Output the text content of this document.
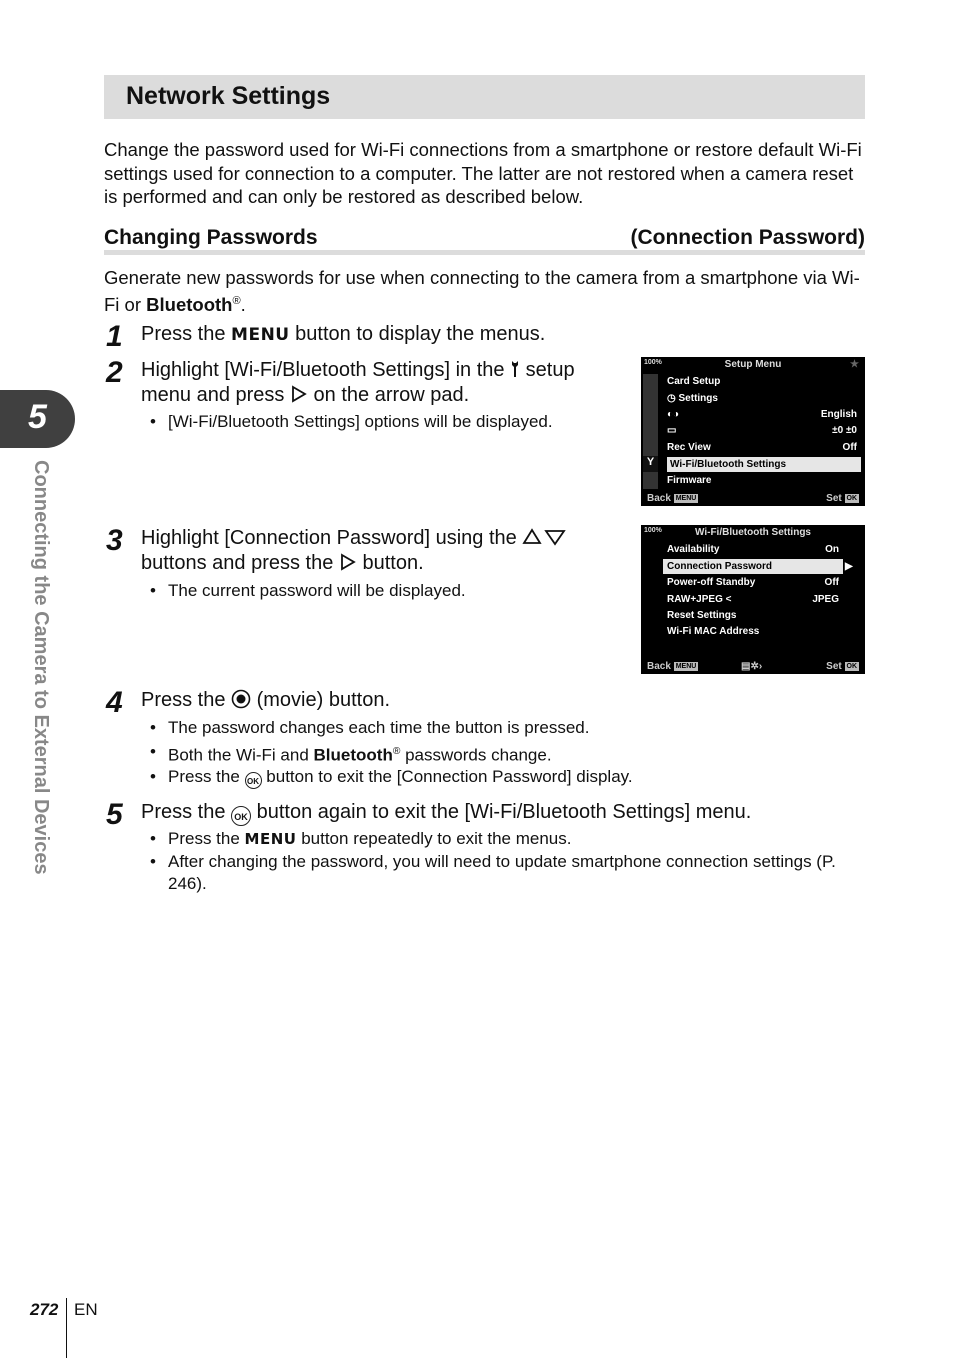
Network Settings
Change the password used for Wi-Fi connections from a smartphone or restore default Wi-Fi settings used for connection to a computer. The latter are not restored when a camera reset is performed and can only be restored as described below.
Changing Passwords	(Connection Password)
Generate new passwords for use when connecting to the camera from a smartphone via Wi-Fi or Bluetooth®.
1 Press the MENU button to display the menus.
2 Highlight [Wi-Fi/Bluetooth Settings] in the setup
menu and press on the arrow pad.
• [Wi-Fi/Bluetooth Settings] options will be displayed.
100%	Setup Menu	★
Y
Card Setup
◷ Settings
◐◑	English
▭	±0 ±0
Rec View	Off
Wi-Fi/Bluetooth Settings
Firmware
Back MENU	Set OK
3 Highlight [Connection Password] using the
buttons and press the button.
• The current password will be displayed.
100%	Wi-Fi/Bluetooth Settings
Availability	On
Connection Password	▶
Power-off Standby	Off
RAW+JPEG <	JPEG
Reset Settings
Wi-Fi MAC Address
Back MENU	▤✲›	Set OK
4 Press the (movie) button.
• The password changes each time the button is pressed.
• Both the Wi-Fi and Bluetooth® passwords change.
• Press the OK button to exit the [Connection Password] display.
5 Press the OK button again to exit the [Wi-Fi/Bluetooth Settings] menu.
• Press the MENU button repeatedly to exit the menus.
• After changing the password, you will need to update smartphone connection settings (P. 246).
5
Connecting the Camera to External Devices
272 EN
